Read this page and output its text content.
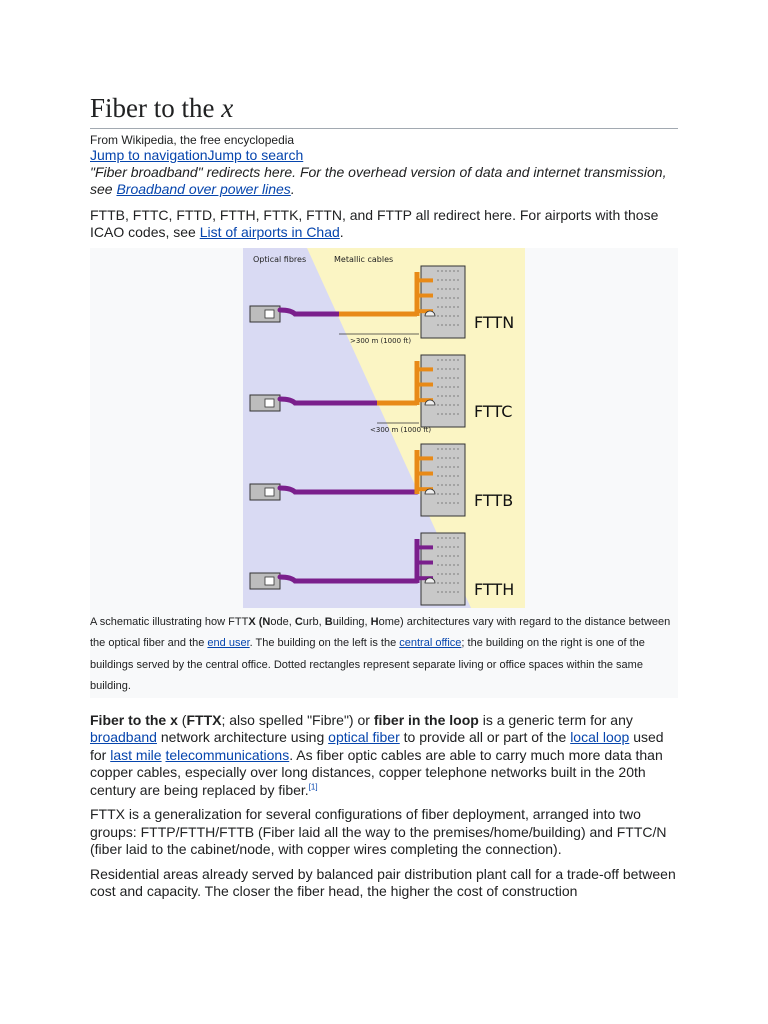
Fiber to the x
From Wikipedia, the free encyclopedia
Jump to navigationJump to search
"Fiber broadband" redirects here. For the overhead version of data and internet transmission, see Broadband over power lines.

FTTB, FTTC, FTTD, FTTH, FTTK, FTTN, and FTTP all redirect here. For airports with those ICAO codes, see List of airports in Chad.

Optical fibres	Metallic cables
>300 m (1000 ft)
<300 m (1000 ft)
FTTN
FTTC
FTTB
FTTH
A schematic illustrating how FTTX (Node, Curb, Building, Home) architectures vary with regard to the distance between the optical fiber and the end user. The building on the left is the central office; the building on the right is one of the buildings served by the central office. Dotted rectangles represent separate living or office spaces within the same building.

Fiber to the x (FTTX; also spelled "Fibre") or fiber in the loop is a generic term for any broadband network architecture using optical fiber to provide all or part of the local loop used for last mile telecommunications. As fiber optic cables are able to carry much more data than copper cables, especially over long distances, copper telephone networks built in the 20th century are being replaced by fiber.[1]

FTTX is a generalization for several configurations of fiber deployment, arranged into two groups: FTTP/FTTH/FTTB (Fiber laid all the way to the premises/home/building) and FTTC/N (fiber laid to the cabinet/node, with copper wires completing the connection).

Residential areas already served by balanced pair distribution plant call for a trade-off between cost and capacity. The closer the fiber head, the higher the cost of construction
